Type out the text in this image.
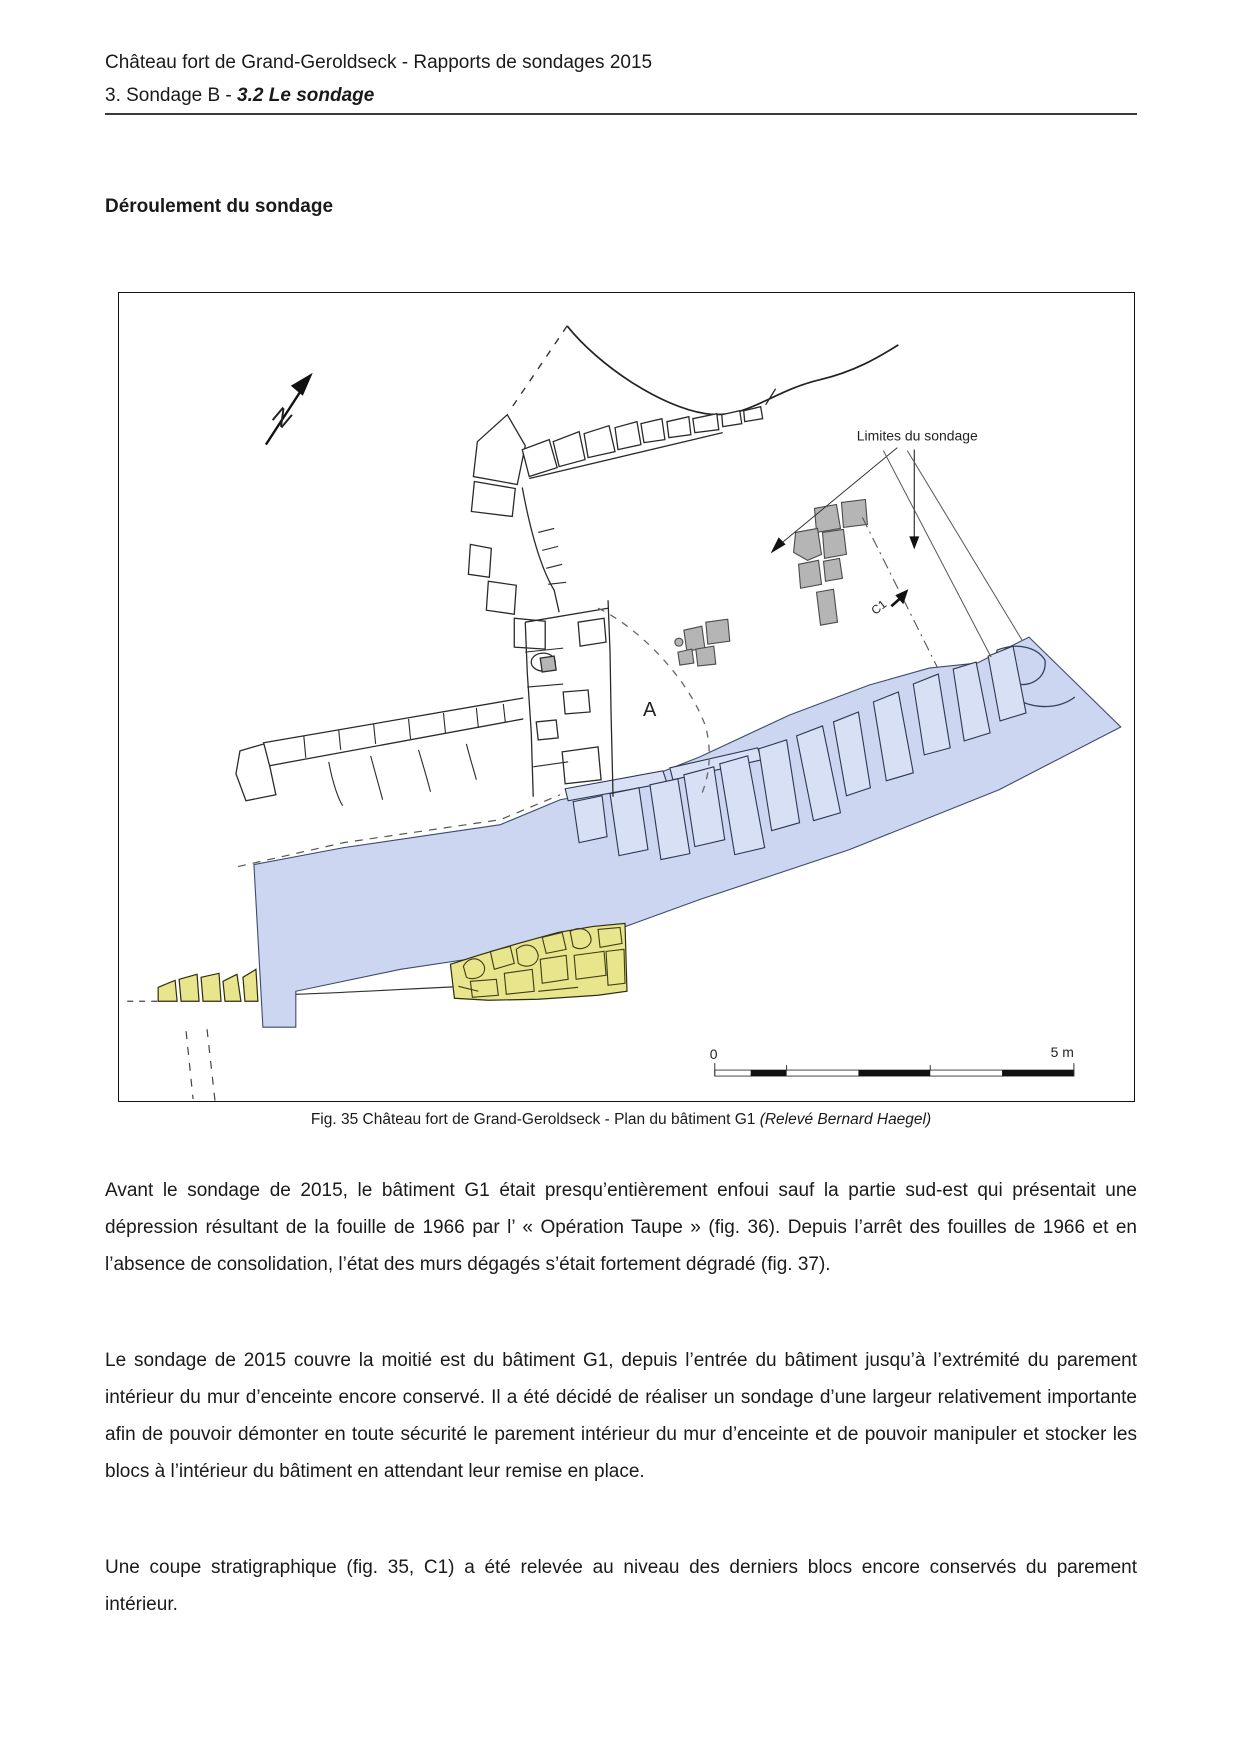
Château fort de Grand-Geroldseck - Rapports de sondages 2015
3. Sondage B - 3.2 Le sondage
Déroulement du sondage
N
A
Limites du sondage
C1
0	5 m
Fig. 35 Château fort de Grand-Geroldseck - Plan du bâtiment G1 (Relevé Bernard Haegel)

Avant le sondage de 2015, le bâtiment G1 était presqu’entièrement enfoui sauf la partie sud-est qui présentait une dépression résultant de la fouille de 1966 par l’ « Opération Taupe » (fig. 36). Depuis l’arrêt des fouilles de 1966 et en l’absence de consolidation, l’état des murs dégagés s’était fortement dégradé (fig. 37).

Le sondage de 2015 couvre la moitié est du bâtiment G1, depuis l’entrée du bâtiment jusqu’à l’extrémité du parement intérieur du mur d’enceinte encore conservé. Il a été décidé de réaliser un sondage d’une largeur relativement importante afin de pouvoir démonter en toute sécurité le parement intérieur du mur d’enceinte et de pouvoir manipuler et stocker les blocs à l’intérieur du bâtiment en attendant leur remise en place.

Une coupe stratigraphique (fig. 35, C1) a été relevée au niveau des derniers blocs encore conservés du parement intérieur.
